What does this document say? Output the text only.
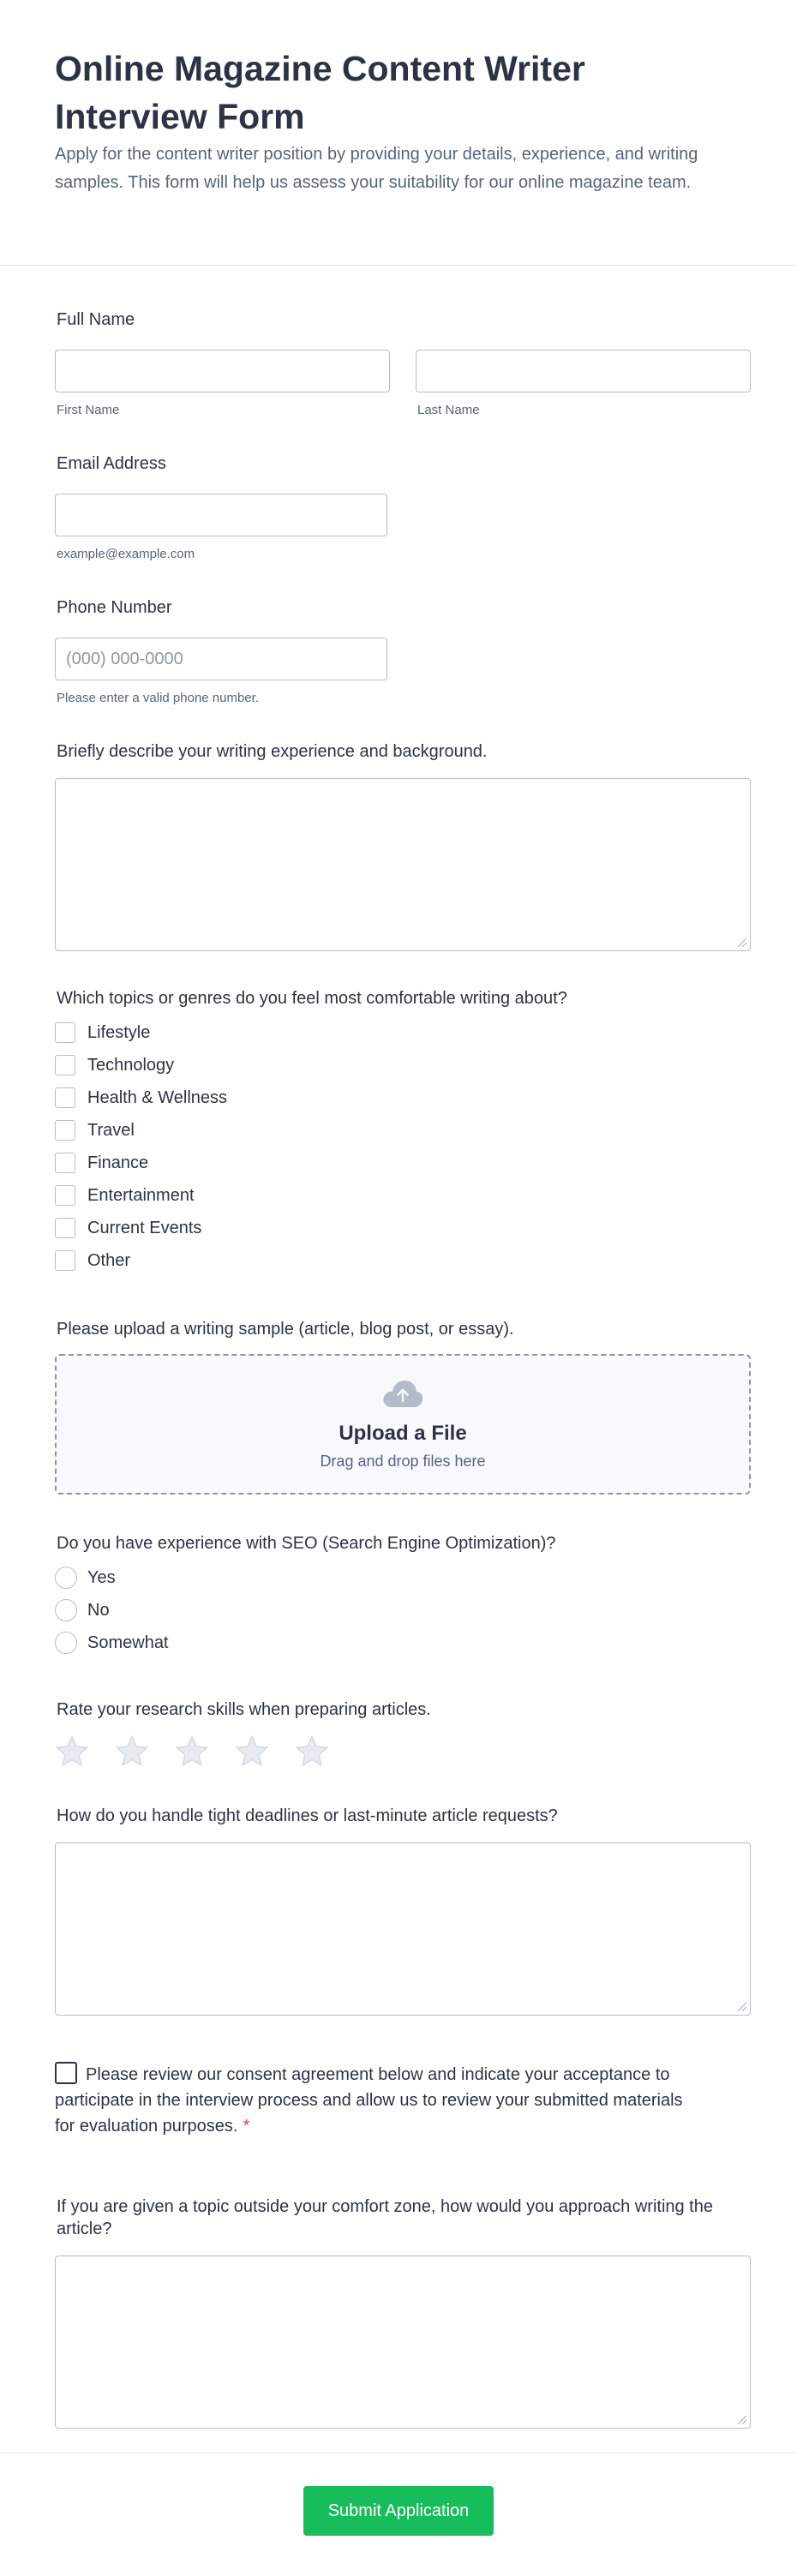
Online Magazine Content Writer Interview Form

Apply for the content writer position by providing your details, experience, and writing samples. This form will help us assess your suitability for our online magazine team.

Full Name
First Name	Last Name
Email Address
example@example.com
Phone Number
(000) 000-0000
Please enter a valid phone number.
Briefly describe your writing experience and background.
Which topics or genres do you feel most comfortable writing about?
Lifestyle
Technology
Health & Wellness
Travel
Finance
Entertainment
Current Events
Other
Please upload a writing sample (article, blog post, or essay).
Upload a File
Drag and drop files here
Do you have experience with SEO (Search Engine Optimization)?
Yes
No
Somewhat
Rate your research skills when preparing articles.
How do you handle tight deadlines or last-minute article requests?
Please review our consent agreement below and indicate your acceptance to participate in the interview process and allow us to review your submitted materials for evaluation purposes. *
If you are given a topic outside your comfort zone, how would you approach writing the article?
Submit Application
